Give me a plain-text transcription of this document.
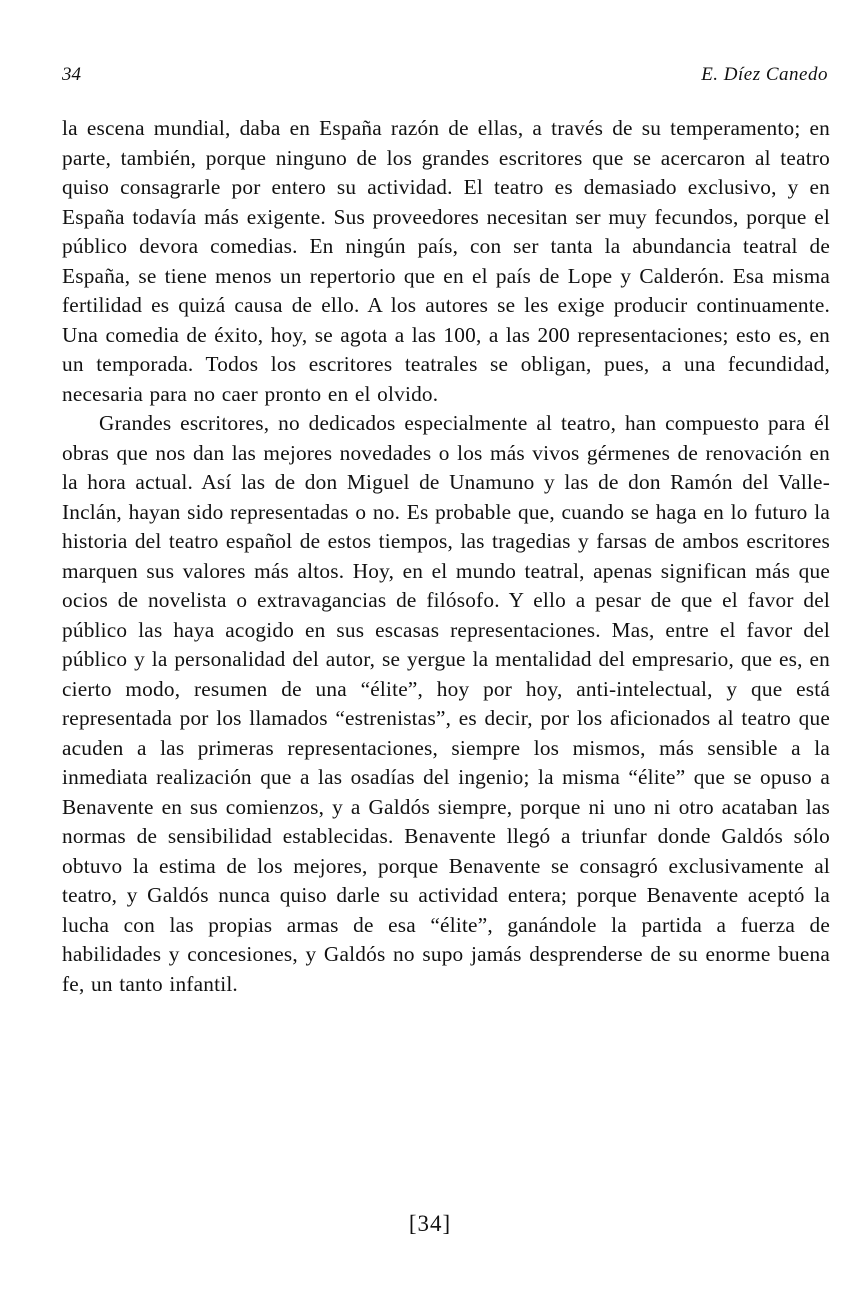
34	E. Díez Canedo

la escena mundial, daba en España razón de ellas, a través de su temperamento; en parte, también, porque ninguno de los grandes escritores que se acercaron al teatro quiso consagrarle por entero su actividad. El teatro es demasiado exclusivo, y en España todavía más exigente. Sus proveedores necesitan ser muy fecundos, porque el público devora comedias. En ningún país, con ser tanta la abundancia teatral de España, se tiene menos un repertorio que en el país de Lope y Calderón. Esa misma fertilidad es quizá causa de ello. A los autores se les exige producir continuamente. Una comedia de éxito, hoy, se agota a las 100, a las 200 representaciones; esto es, en un temporada. Todos los escritores teatrales se obligan, pues, a una fecundidad, necesaria para no caer pronto en el olvido.

Grandes escritores, no dedicados especialmente al teatro, han compuesto para él obras que nos dan las mejores novedades o los más vivos gérmenes de renovación en la hora actual. Así las de don Miguel de Unamuno y las de don Ramón del Valle-Inclán, hayan sido representadas o no. Es probable que, cuando se haga en lo futuro la historia del teatro español de estos tiempos, las tragedias y farsas de ambos escritores marquen sus valores más altos. Hoy, en el mundo teatral, apenas significan más que ocios de novelista o extravagancias de filósofo. Y ello a pesar de que el favor del público las haya acogido en sus escasas representaciones. Mas, entre el favor del público y la personalidad del autor, se yergue la mentalidad del empresario, que es, en cierto modo, resumen de una “élite”, hoy por hoy, anti-intelectual, y que está representada por los llamados “estrenistas”, es decir, por los aficionados al teatro que acuden a las primeras representaciones, siempre los mismos, más sensible a la inmediata realización que a las osadías del ingenio; la misma “élite” que se opuso a Benavente en sus comienzos, y a Galdós siempre, porque ni uno ni otro acataban las normas de sensibilidad establecidas. Benavente llegó a triunfar donde Galdós sólo obtuvo la estima de los mejores, porque Benavente se consagró exclusivamente al teatro, y Galdós nunca quiso darle su actividad entera; porque Benavente aceptó la lucha con las propias armas de esa “élite”, ganándole la partida a fuerza de habilidades y concesiones, y Galdós no supo jamás desprenderse de su enorme buena fe, un tanto infantil.

[34]
